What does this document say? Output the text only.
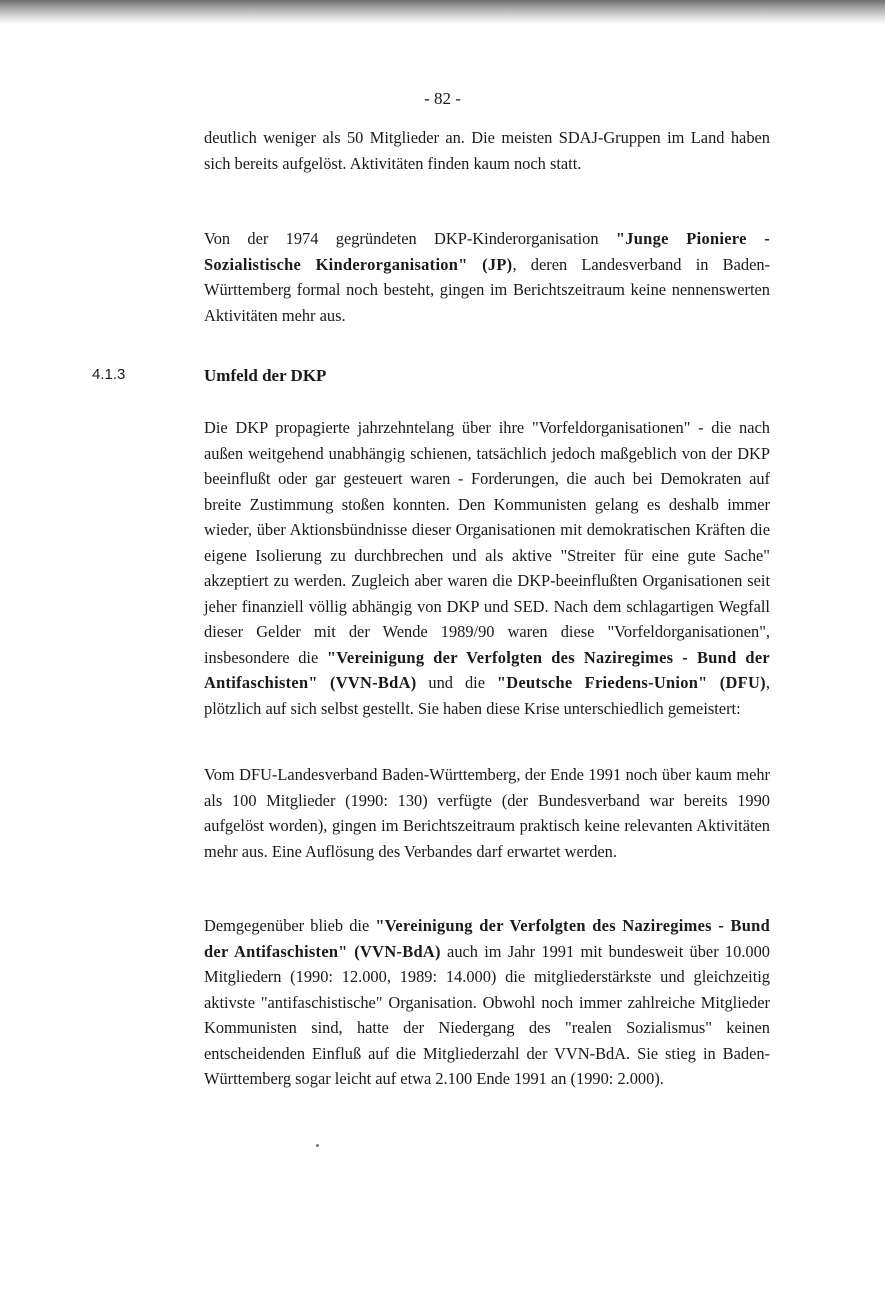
- 82 -

deutlich weniger als 50 Mitglieder an. Die meisten SDAJ-Gruppen im Land haben sich bereits aufgelöst. Aktivitäten finden kaum noch statt.

Von der 1974 gegründeten DKP-Kinderorganisation "Junge Pioniere - Sozialistische Kinderorganisation" (JP), deren Landesverband in Baden-Württemberg formal noch besteht, gingen im Berichtszeitraum keine nennenswerten Aktivitäten mehr aus.

4.1.3	Umfeld der DKP

Die DKP propagierte jahrzehntelang über ihre "Vorfeldorganisationen" - die nach außen weitgehend unabhängig schienen, tatsächlich jedoch maßgeblich von der DKP beeinflußt oder gar gesteuert waren - Forderungen, die auch bei Demokraten auf breite Zustimmung stoßen konnten. Den Kommunisten gelang es deshalb immer wieder, über Aktionsbündnisse dieser Organisationen mit demokratischen Kräften die eigene Isolierung zu durchbrechen und als aktive "Streiter für eine gute Sache" akzeptiert zu werden. Zugleich aber waren die DKP-beeinflußten Organisationen seit jeher finanziell völlig abhängig von DKP und SED. Nach dem schlagartigen Wegfall dieser Gelder mit der Wende 1989/90 waren diese "Vorfeldorganisationen", insbesondere die "Vereinigung der Verfolgten des Naziregimes - Bund der Antifaschisten" (VVN-BdA) und die "Deutsche Friedens-Union" (DFU), plötzlich auf sich selbst gestellt. Sie haben diese Krise unterschiedlich gemeistert:

Vom DFU-Landesverband Baden-Württemberg, der Ende 1991 noch über kaum mehr als 100 Mitglieder (1990: 130) verfügte (der Bundesverband war bereits 1990 aufgelöst worden), gingen im Berichtszeitraum praktisch keine relevanten Aktivitäten mehr aus. Eine Auflösung des Verbandes darf erwartet werden.

Demgegenüber blieb die "Vereinigung der Verfolgten des Naziregimes - Bund der Antifaschisten" (VVN-BdA) auch im Jahr 1991 mit bundesweit über 10.000 Mitgliedern (1990: 12.000, 1989: 14.000) die mitgliederstärkste und gleichzeitig aktivste "antifaschistische" Organisation. Obwohl noch immer zahlreiche Mitglieder Kommunisten sind, hatte der Niedergang des "realen Sozialismus" keinen entscheidenden Einfluß auf die Mitgliederzahl der VVN-BdA. Sie stieg in Baden-Württemberg sogar leicht auf etwa 2.100 Ende 1991 an (1990: 2.000).
